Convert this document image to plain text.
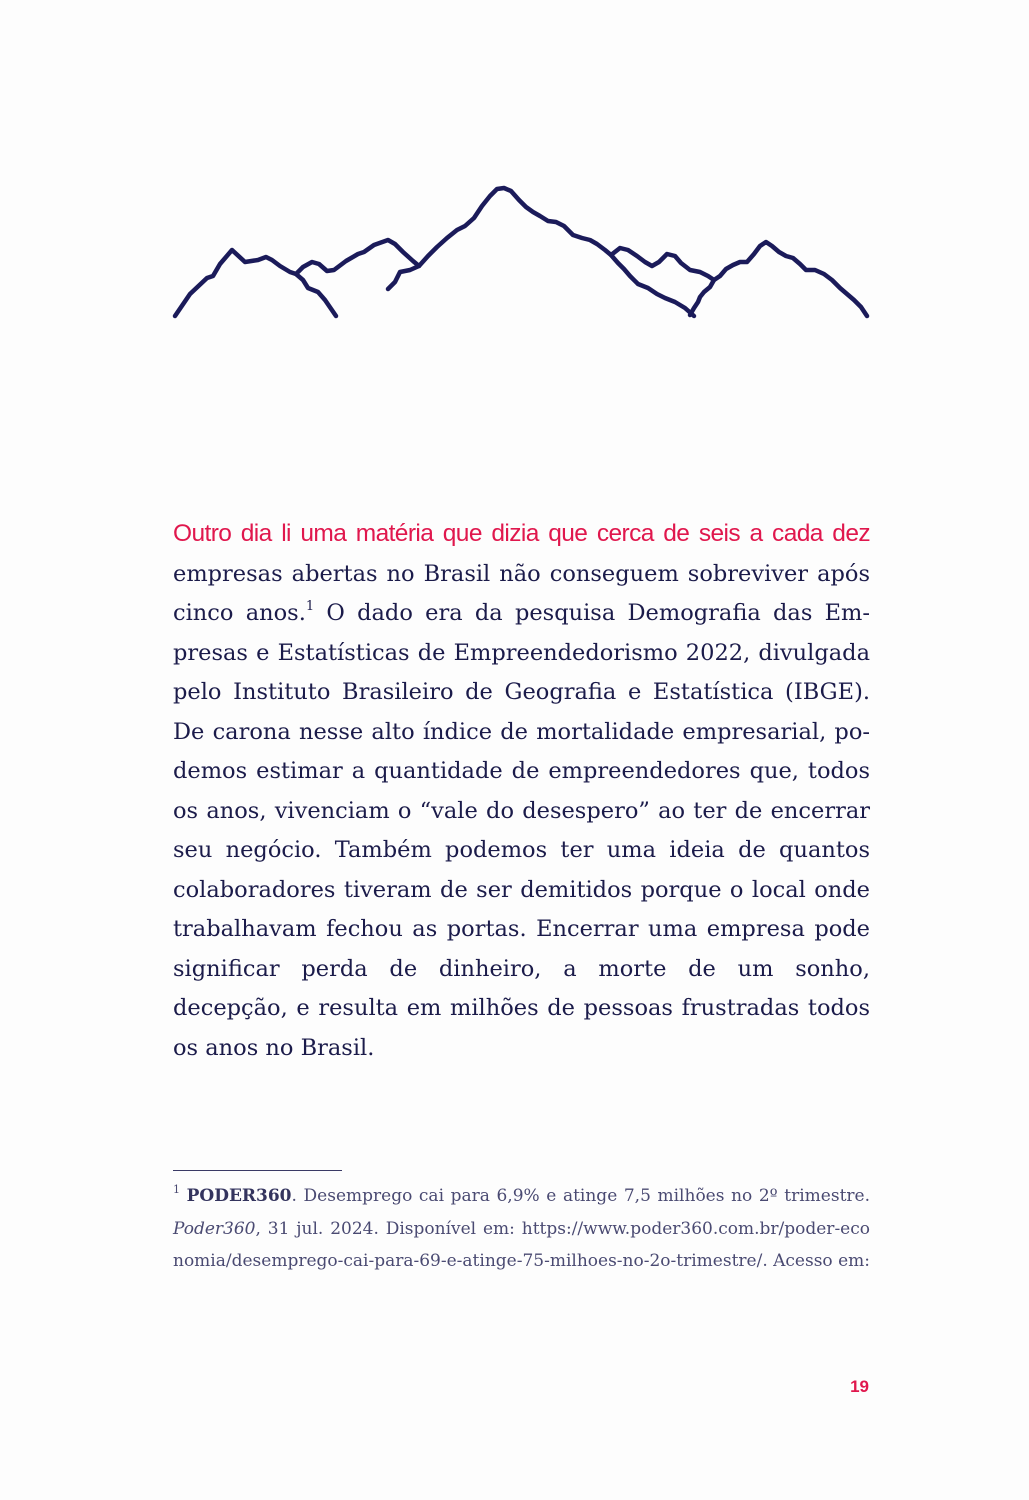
Outro dia li uma matéria que dizia que cerca de seis a cada dez empresas abertas no Brasil não conseguem sobreviver após cinco anos.$^1$ O dado era da pesquisa Demografia das Empresas e Estatísticas de Empreendedorismo 2022, divulgada pelo Instituto Brasileiro de Geografia e Estatística (IBGE). De carona nesse alto índice de mortalidade empresarial, podemos estimar a quantidade de empreendedores que, todos os anos, vivenciam o “vale do desespero” ao ter de encerrar seu negócio. Também podemos ter uma ideia de quantos colaboradores tiveram de ser demitidos porque o local onde trabalhavam fechou as portas. Encerrar uma empresa pode significar perda de dinheiro, a morte de um sonho, decepção, e resulta em milhões de pessoas frustradas todos os anos no Brasil.

$^1$ PODER360. Desemprego cai para 6,9% e atinge 7,5 milhões no 2º trimestre. Poder360, 31 jul. 2024. Disponível em: https://www.poder360.com.br/poder-economia/desemprego-cai-para-69-e-atinge-75-milhoes-no-2o-trimestre/. Acesso em:

19
